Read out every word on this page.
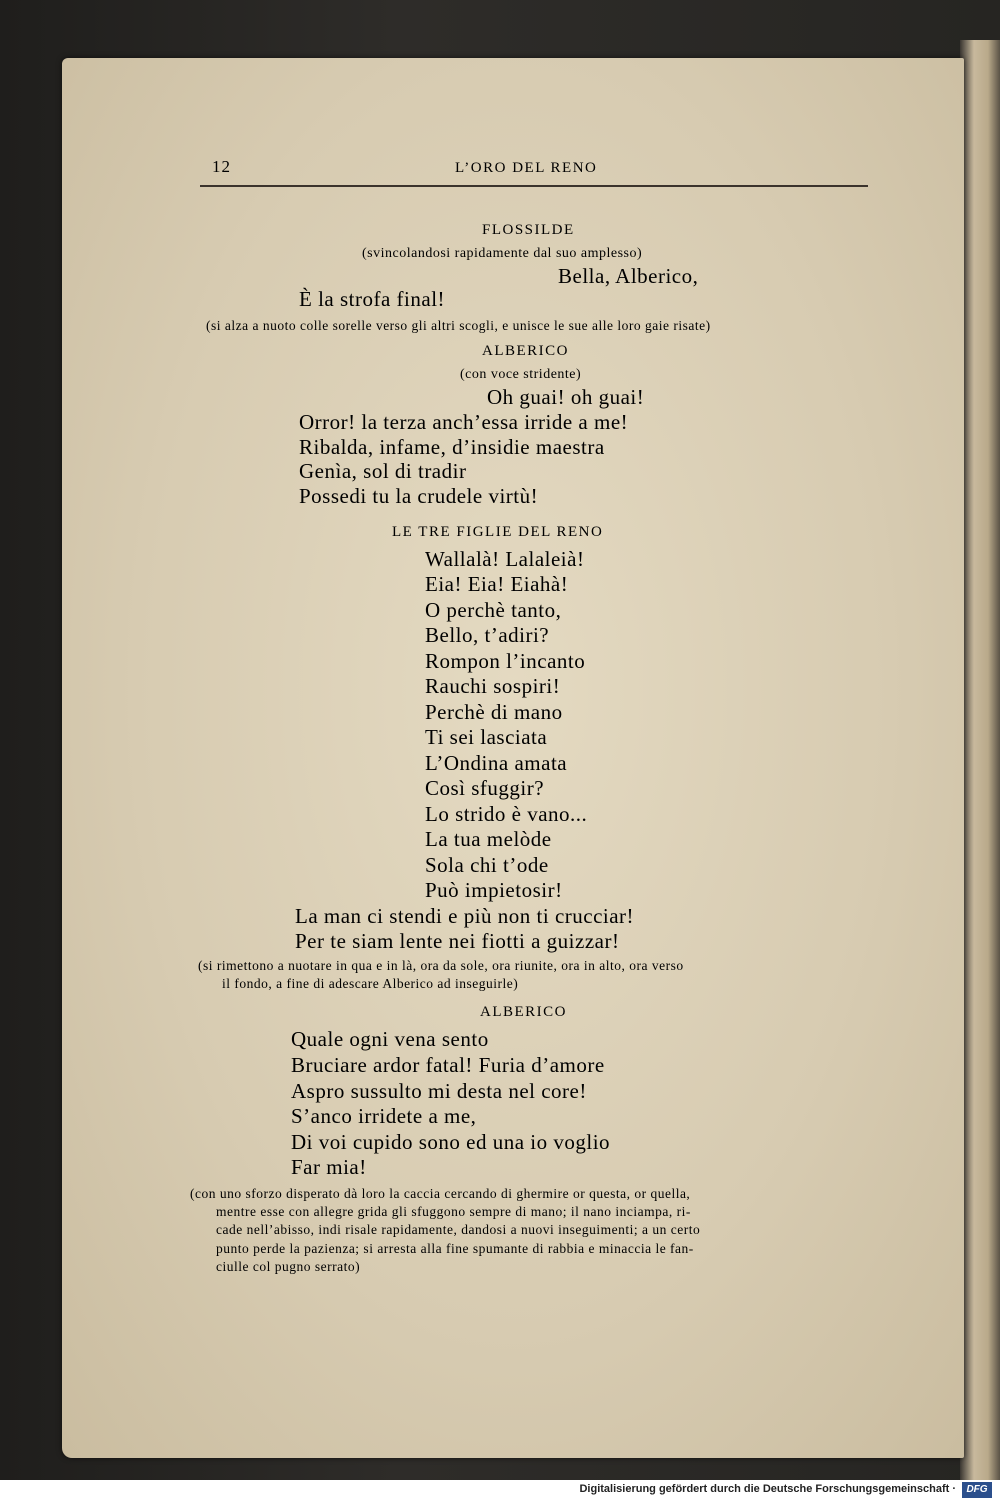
12	L’ORO DEL RENO
FLOSSILDE
(svincolandosi rapidamente dal suo amplesso)
Bella, Alberico,
È la strofa final!
(si alza a nuoto colle sorelle verso gli altri scogli, e unisce le sue alle loro gaie risate)
ALBERICO
(con voce stridente)
Oh guai! oh guai!
Orror! la terza anch’essa irride a me!
Ribalda, infame, d’insidie maestra
Genìa, sol di tradir
Possedi tu la crudele virtù!
LE TRE FIGLIE DEL RENO
Wallalà! Lalaleià!
Eia! Eia! Eiahà!
O perchè tanto,
Bello, t’adiri?
Rompon l’incanto
Rauchi sospiri!
Perchè di mano
Ti sei lasciata
L’Ondina amata
Così sfuggir?
Lo strido è vano...
La tua melòde
Sola chi t’ode
Può impietosir!
La man ci stendi e più non ti crucciar!
Per te siam lente nei fiotti a guizzar!
(si rimettono a nuotare in qua e in là, ora da sole, ora riunite, ora in alto, ora verso
il fondo, a fine di adescare Alberico ad inseguirle)
ALBERICO
Quale ogni vena sento
Bruciare ardor fatal! Furia d’amore
Aspro sussulto mi desta nel core!
S’anco irridete a me,
Di voi cupido sono ed una io voglio
Far mia!
(con uno sforzo disperato dà loro la caccia cercando di ghermire or questa, or quella,
mentre esse con allegre grida gli sfuggono sempre di mano; il nano inciampa, ri-
cade nell’abisso, indi risale rapidamente, dandosi a nuovi inseguimenti; a un certo
punto perde la pazienza; si arresta alla fine spumante di rabbia e minaccia le fan-
ciulle col pugno serrato)
Digitalisierung gefördert durch die Deutsche Forschungsgemeinschaft ·	DFG
